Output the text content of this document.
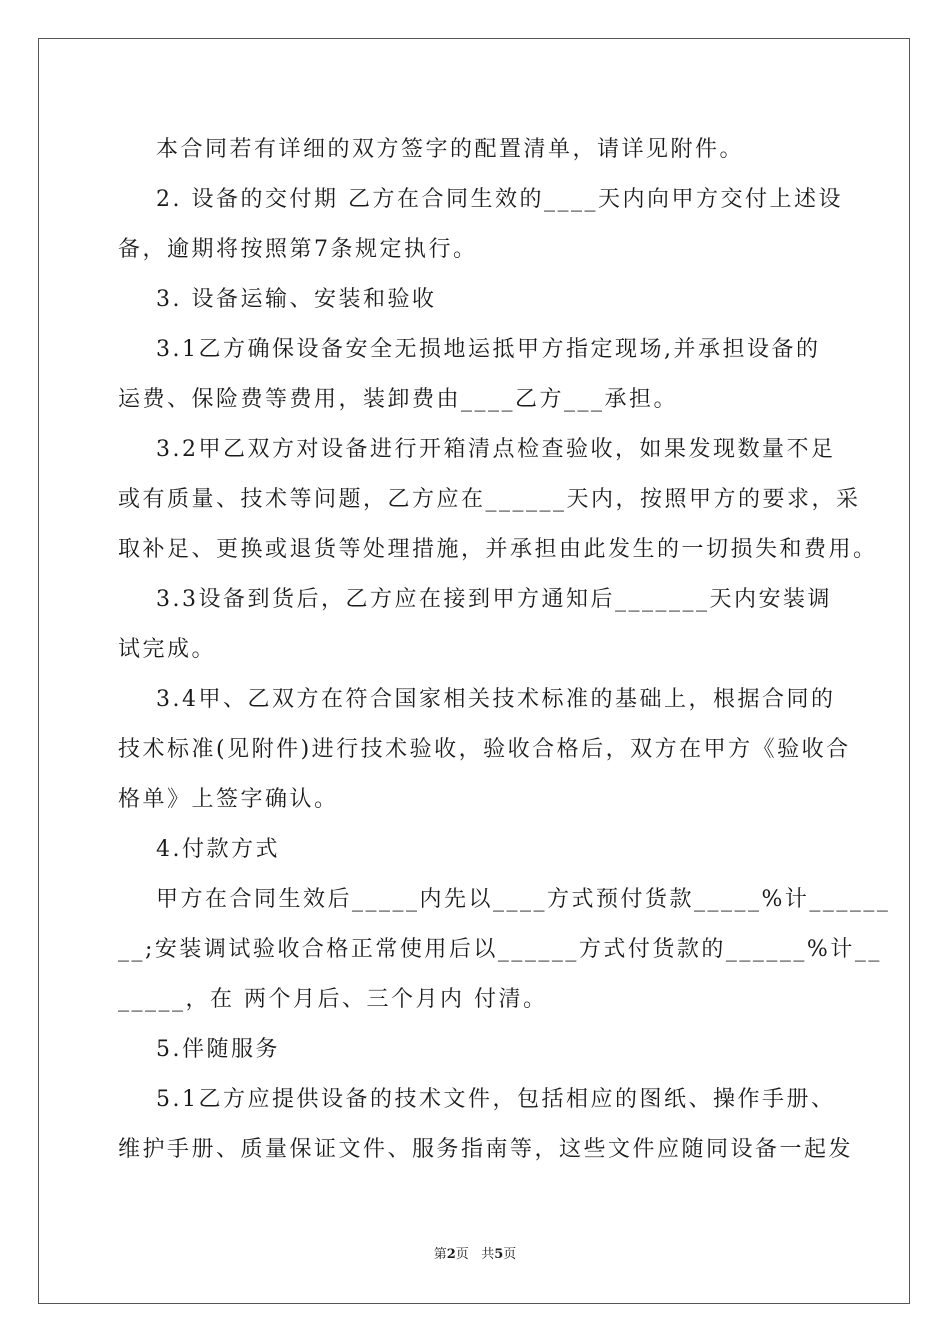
本合同若有详细的双方签字的配置清单，请详见附件。
2. 设备的交付期 乙方在合同生效的____天内向甲方交付上述设
备，逾期将按照第7条规定执行。
3. 设备运输、安装和验收
3.1乙方确保设备安全无损地运抵甲方指定现场,并承担设备的
运费、保险费等费用，装卸费由____乙方___承担。
3.2甲乙双方对设备进行开箱清点检查验收，如果发现数量不足
或有质量、技术等问题，乙方应在______天内，按照甲方的要求，采
取补足、更换或退货等处理措施，并承担由此发生的一切损失和费用。
3.3设备到货后，乙方应在接到甲方通知后_______天内安装调
试完成。
3.4甲、乙双方在符合国家相关技术标准的基础上，根据合同的
技术标准(见附件)进行技术验收，验收合格后，双方在甲方《验收合
格单》上签字确认。
4.付款方式
甲方在合同生效后_____内先以____方式预付货款_____%计______
__;安装调试验收合格正常使用后以______方式付货款的______%计__
_____，在 两个月后、三个月内 付清。
5.伴随服务
5.1乙方应提供设备的技术文件，包括相应的图纸、操作手册、
维护手册、质量保证文件、服务指南等，这些文件应随同设备一起发
第2页 共5页
